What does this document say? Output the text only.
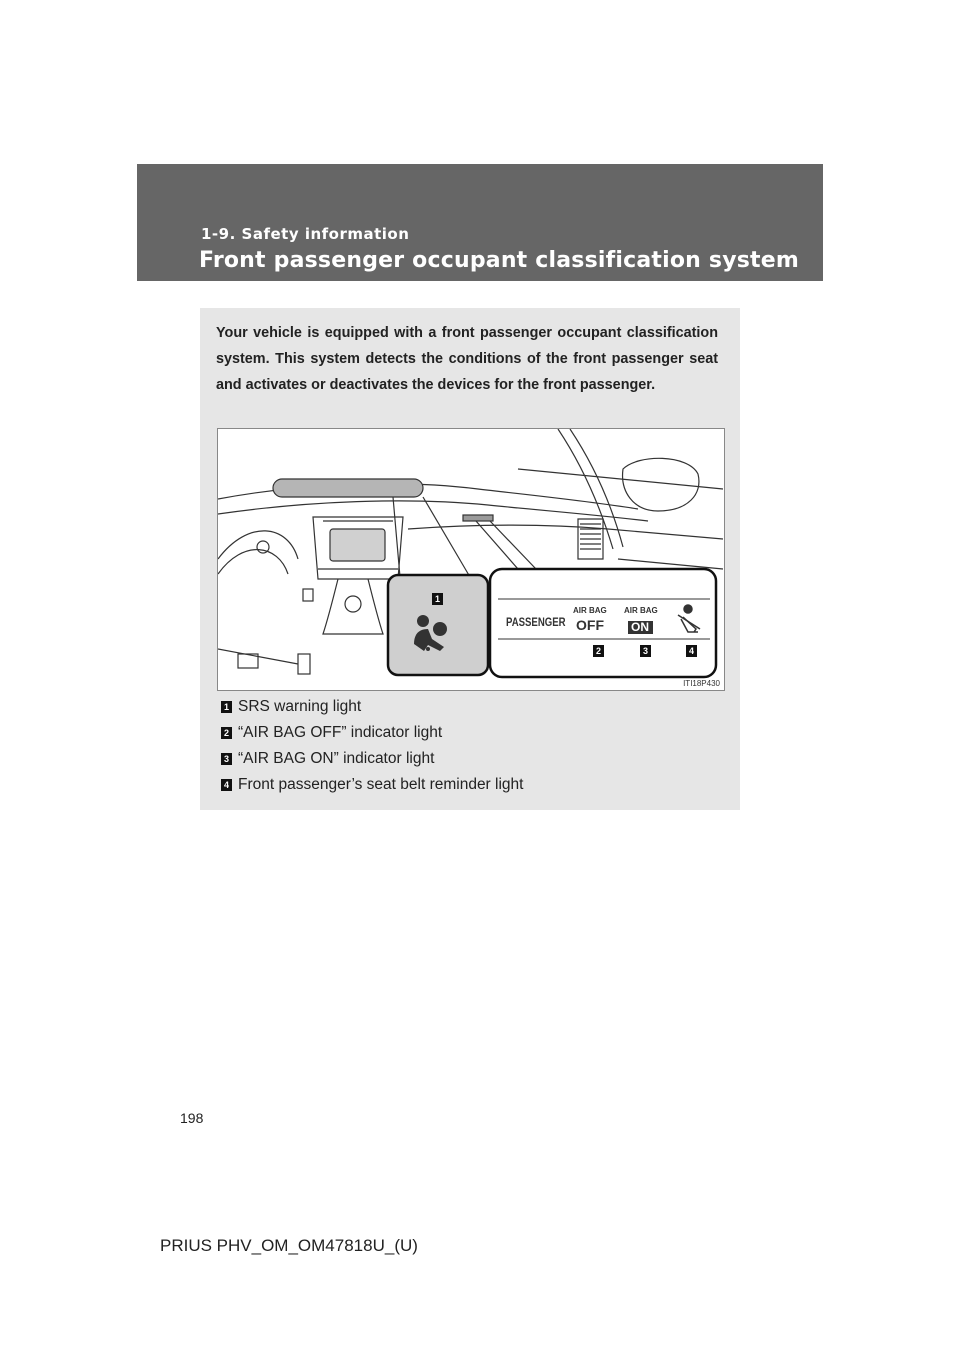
1-9. Safety information
Front passenger occupant classification system
Your vehicle is equipped with a front passenger occupant classification system. This system detects the conditions of the front passenger seat and activates or deactivates the devices for the front passenger.
1
PASSENGER
AIR BAG
OFF
AIR BAG
ON
2	3	4
ITI18P430
1 SRS warning light
2 “AIR BAG OFF” indicator light
3 “AIR BAG ON” indicator light
4 Front passenger’s seat belt reminder light
198
PRIUS PHV_OM_OM47818U_(U)
